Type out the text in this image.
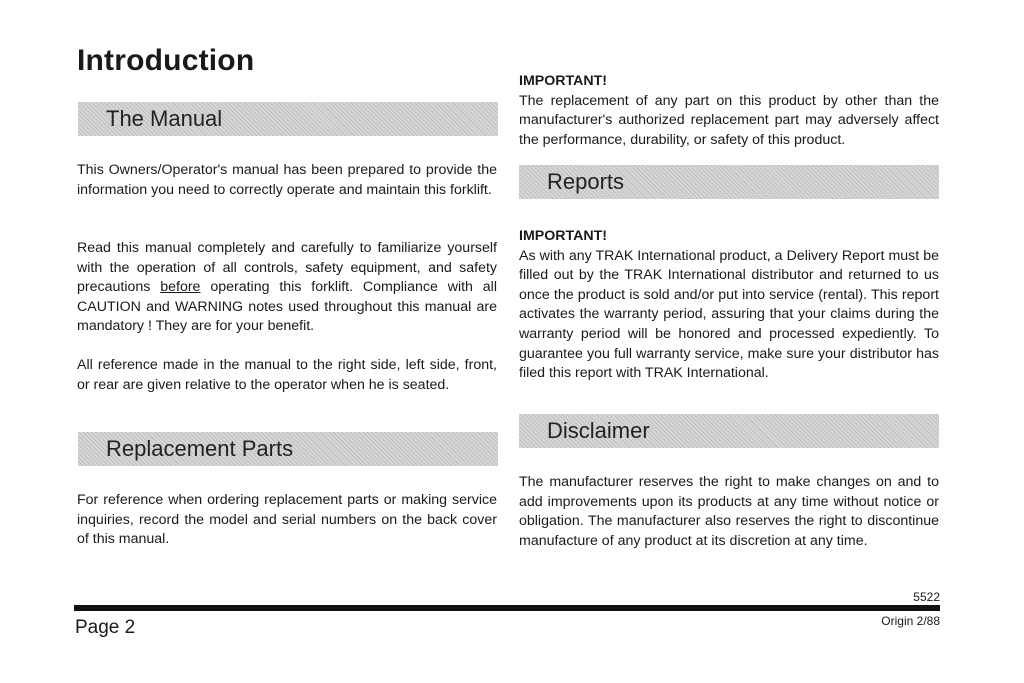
Introduction
The Manual

This Owners/Operator's manual has been prepared to provide the information you need to correctly operate and maintain this forklift.

Read this manual completely and carefully to familiarize yourself with the operation of all controls, safety equipment, and safety precautions before operating this forklift. Compliance with all CAUTION and WARNING notes used throughout this manual are mandatory ! They are for your benefit.

All reference made in the manual to the right side, left side, front, or rear are given relative to the operator when he is seated.

Replacement Parts

For reference when ordering replacement parts or making service inquiries, record the model and serial numbers on the back cover of this manual.

IMPORTANT!
The replacement of any part on this product by other than the manufacturer's authorized replacement part may adversely affect the performance, durability, or safety of this product.

Reports

IMPORTANT!
As with any TRAK International product, a Delivery Report must be filled out by the TRAK International distributor and returned to us once the product is sold and/or put into service (rental). This report activates the warranty period, assuring that your claims during the warranty period will be honored and processed expediently. To guarantee you full warranty service, make sure your distributor has filed this report with TRAK International.

Disclaimer

The manufacturer reserves the right to make changes on and to add improvements upon its products at any time without notice or obligation. The manufacturer also reserves the right to discontinue manufacture of any product at its discretion at any time.

5522
Page 2	Origin 2/88
